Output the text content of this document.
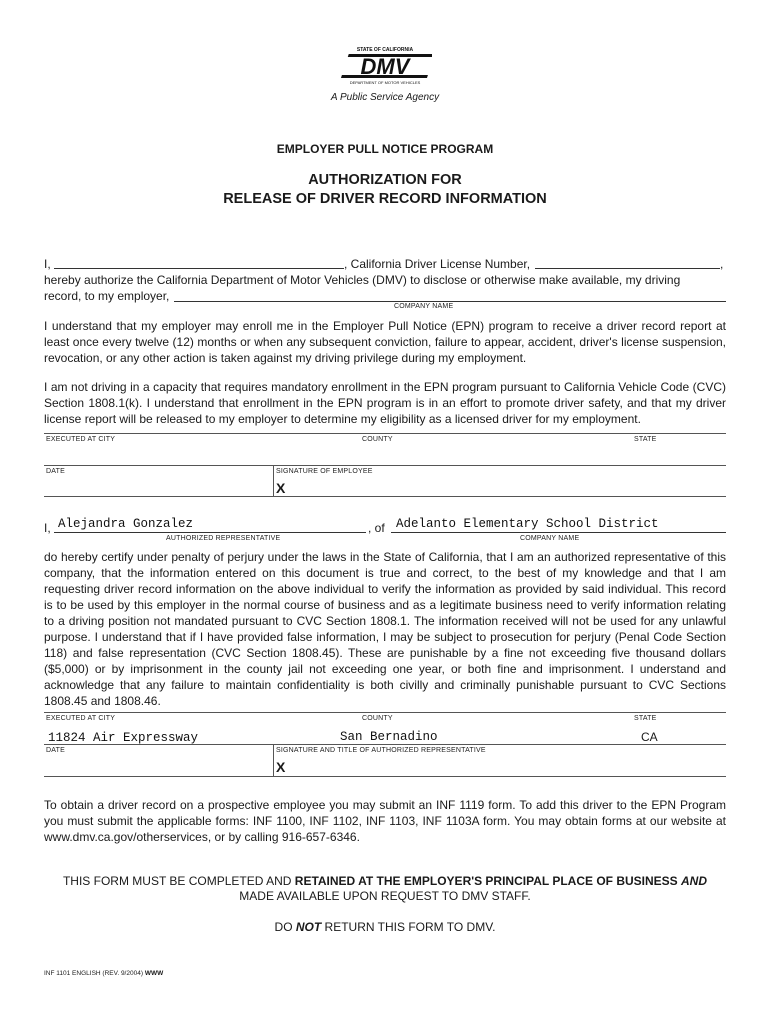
STATE OF CALIFORNIA
DMV
DEPARTMENT OF MOTOR VEHICLES
A Public Service Agency
EMPLOYER PULL NOTICE PROGRAM
AUTHORIZATION FOR
RELEASE OF DRIVER RECORD INFORMATION
I,	, California Driver License Number,	,
hereby authorize the California Department of Motor Vehicles (DMV) to disclose or otherwise make available, my driving
record, to my employer,
COMPANY NAME
I understand that my employer may enroll me in the Employer Pull Notice (EPN) program to receive a driver record report at least once every twelve (12) months or when any subsequent conviction, failure to appear, accident, driver's license suspension, revocation, or any other action is taken against my driving privilege during my employment.
I am not driving in a capacity that requires mandatory enrollment in the EPN program pursuant to California Vehicle Code (CVC) Section 1808.1(k). I understand that enrollment in the EPN program is in an effort to promote driver safety, and that my driver license report will be released to my employer to determine my eligibility as a licensed driver for my employment.
EXECUTED AT CITY	COUNTY	STATE
DATE	SIGNATURE OF EMPLOYEE
X
I, Alejandra Gonzalez	, of Adelanto Elementary School District
AUTHORIZED REPRESENTATIVE	COMPANY NAME
do hereby certify under penalty of perjury under the laws in the State of California, that I am an authorized representative of this company, that the information entered on this document is true and correct, to the best of my knowledge and that I am requesting driver record information on the above individual to verify the information as provided by said individual. This record is to be used by this employer in the normal course of business and as a legitimate business need to verify information relating to a driving position not mandated pursuant to CVC Section 1808.1. The information received will not be used for any unlawful purpose. I understand that if I have provided false information, I may be subject to prosecution for perjury (Penal Code Section 118) and false representation (CVC Section 1808.45). These are punishable by a fine not exceeding five thousand dollars ($5,000) or by imprisonment in the county jail not exceeding one year, or both fine and imprisonment. I understand and acknowledge that any failure to maintain confidentiality is both civilly and criminally punishable pursuant to CVC Sections 1808.45 and 1808.46.
EXECUTED AT CITY	COUNTY	STATE
11824 Air Expressway	San Bernadino	CA
DATE	SIGNATURE AND TITLE OF AUTHORIZED REPRESENTATIVE
X
To obtain a driver record on a prospective employee you may submit an INF 1119 form. To add this driver to the EPN Program you must submit the applicable forms: INF 1100, INF 1102, INF 1103, INF 1103A form. You may obtain forms at our website at www.dmv.ca.gov/otherservices, or by calling 916-657-6346.
THIS FORM MUST BE COMPLETED AND RETAINED AT THE EMPLOYER'S PRINCIPAL PLACE OF BUSINESS AND
MADE AVAILABLE UPON REQUEST TO DMV STAFF.
DO NOT RETURN THIS FORM TO DMV.
INF 1101 ENGLISH (REV. 9/2004) WWW
